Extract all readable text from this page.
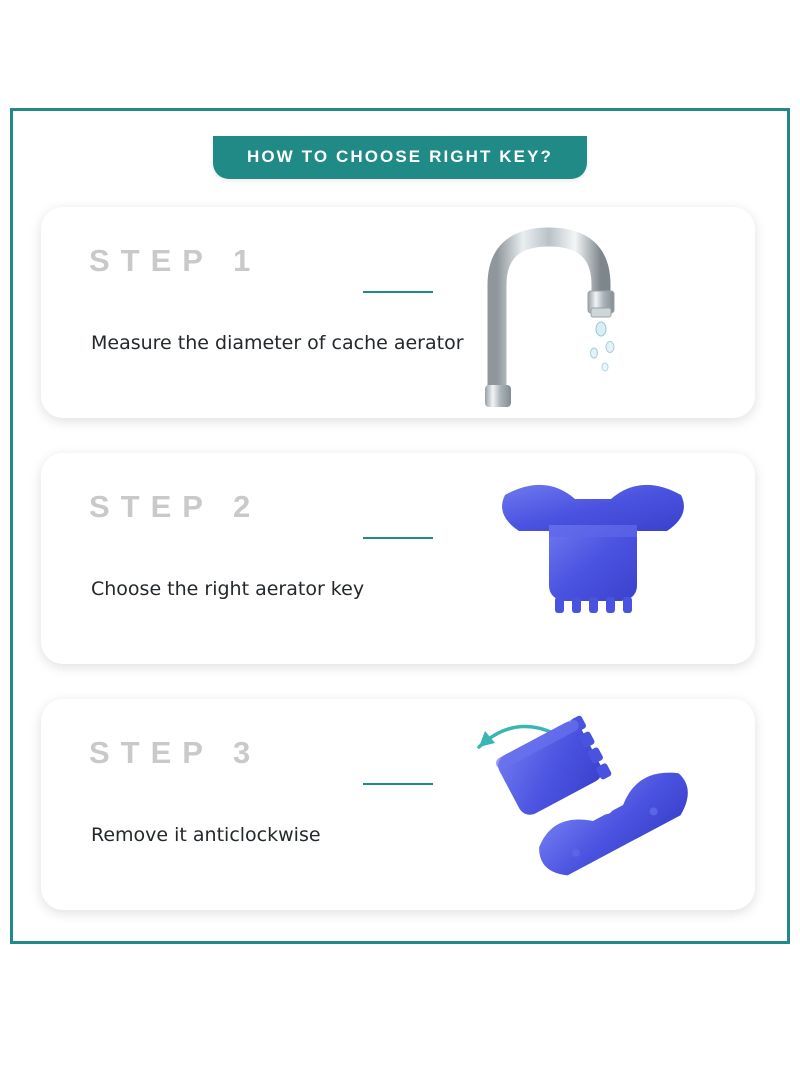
HOW TO CHOOSE RIGHT KEY?
STEP 1
Measure the diameter of cache aerator
STEP 2
Choose the right aerator key
STEP 3
Remove it anticlockwise
